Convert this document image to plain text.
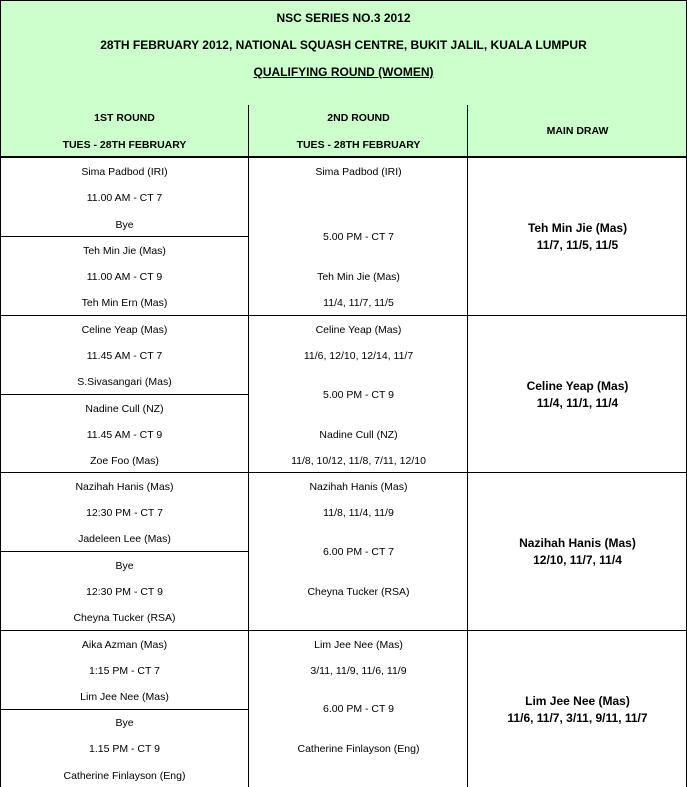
NSC SERIES NO.3 2012
28TH FEBRUARY 2012, NATIONAL SQUASH CENTRE, BUKIT JALIL, KUALA LUMPUR
QUALIFYING ROUND (WOMEN)
1ST ROUND
TUES - 28TH FEBRUARY
2ND ROUND
TUES - 28TH FEBRUARY
MAIN DRAW
Sima Padbod (IRI)
11.00 AM - CT 7
Bye
Teh Min Jie (Mas)
11.00 AM - CT 9
Teh Min Ern (Mas)
Sima Padbod (IRI)
5.00 PM - CT 7
Teh Min Jie (Mas)
11/4, 11/7, 11/5
Teh Min Jie (Mas)
11/7, 11/5, 11/5
Celine Yeap (Mas)
11.45 AM - CT 7
S.Sivasangari (Mas)
Nadine Cull (NZ)
11.45 AM - CT 9
Zoe Foo (Mas)
Celine Yeap (Mas)
11/6, 12/10, 12/14, 11/7
5.00 PM - CT 9
Nadine Cull (NZ)
11/8, 10/12, 11/8, 7/11, 12/10
Celine Yeap (Mas)
11/4, 11/1, 11/4
Nazihah Hanis (Mas)
12:30 PM - CT 7
Jadeleen Lee (Mas)
Bye
12:30 PM - CT 9
Cheyna Tucker (RSA)
Nazihah Hanis (Mas)
11/8, 11/4, 11/9
6.00 PM - CT 7
Cheyna Tucker (RSA)
Nazihah Hanis (Mas)
12/10, 11/7, 11/4
Aika Azman (Mas)
1:15 PM - CT 7
Lim Jee Nee (Mas)
Bye
1.15 PM - CT 9
Catherine Finlayson (Eng)
Lim Jee Nee (Mas)
3/11, 11/9, 11/6, 11/9
6.00 PM - CT 9
Catherine Finlayson (Eng)
Lim Jee Nee (Mas)
11/6, 11/7, 3/11, 9/11, 11/7
